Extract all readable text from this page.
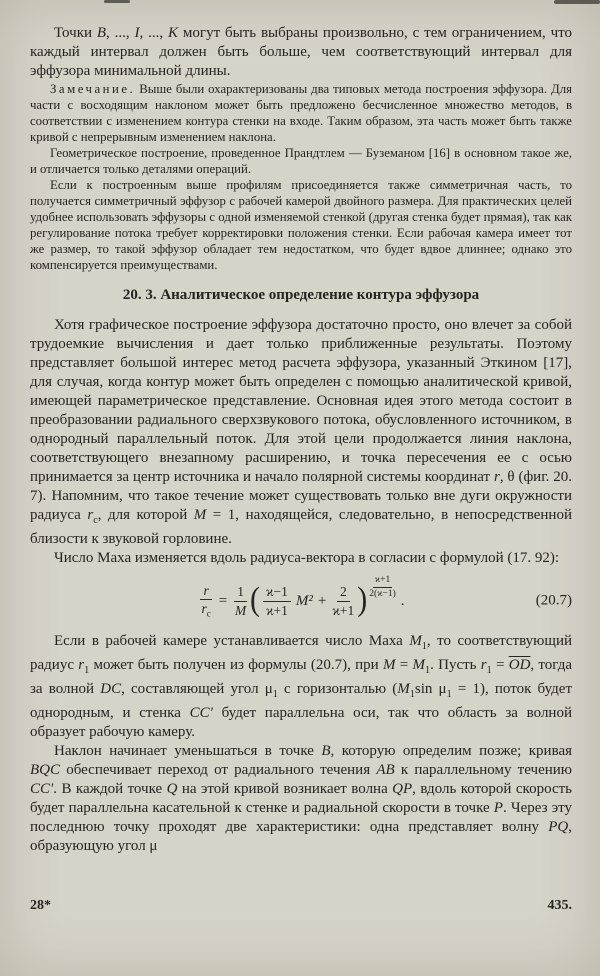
Точки B, ..., I, ..., K могут быть выбраны произвольно, с тем ограничением, что каждый интервал должен быть больше, чем соответствующий интервал для эффузора минимальной длины.

Замечание. Выше были охарактеризованы два типовых метода построения эффузора. Для части с восходящим наклоном может быть предложено бесчисленное множество методов, в соответствии с изменением контура стенки на входе. Таким образом, эта часть может быть также кривой с непрерывным изменением наклона.

Геометрическое построение, проведенное Прандтлем — Буземаном [16] в основном такое же, и отличается только деталями операций.

Если к построенным выше профилям присоединяется также симметричная часть, то получается симметричный эффузор с рабочей камерой двойного размера. Для практических целей удобнее использовать эффузоры с одной изменяемой стенкой (другая стенка будет прямая), так как регулирование потока требует корректировки положения стенки. Если рабочая камера имеет тот же размер, то такой эффузор обладает тем недостатком, что будет вдвое длиннее; однако это компенсируется преимуществами.

20. 3. Аналитическое определение контура эффузора

Хотя графическое построение эффузора достаточно просто, оно влечет за собой трудоемкие вычисления и дает только приближенные результаты. Поэтому представляет большой интерес метод расчета эффузора, указанный Эткином [17], для случая, когда контур может быть определен с помощью аналитической кривой, имеющей параметрическое представление. Основная идея этого метода состоит в преобразовании радиального сверхзвукового потока, обусловленного источником, в однородный параллельный поток. Для этой цели продолжается линия наклона, соответствующего внезапному расширению, и точка пересечения ее с осью принимается за центр источника и начало полярной системы координат r, θ (фиг. 20. 7). Напомним, что такое течение может существовать только вне дуги окружности радиуса $r_c$, для которой M = 1, находящейся, следовательно, в непосредственной близости к звуковой горловине.

Число Маха изменяется вдоль радиуса-вектора в согласии с формулой (17. 92):

$\frac{r}{r_c} = \frac{1}{M}$ ( $\frac{ϰ-1}{ϰ+1} M^2 + \frac{2}{ϰ+1}$ ) $\frac{ϰ+1}{2(ϰ-1)}$
.	(20.7)

Если в рабочей камере устанавливается число Маха $M_1$, то соответствующий радиус $r_1$ может быть получен из формулы (20.7), при $M = M_1$. Пусть $r_1 = \overline{OD}$, тогда за волной DC, составляющей угол $\mu_1$ с горизонталью ($M_1\sin$ $\mu_1 = 1$), поток будет однородным, и стенка CC′ будет параллельна оси, так что область за волной образует рабочую камеру.

Наклон начинает уменьшаться в точке B, которую определим позже; кривая BQC обеспечивает переход от радиального течения AB к параллельному течению CC′. В каждой точке Q на этой кривой возникает волна QP, вдоль которой скорость будет параллельна касательной к стенке и радиальной скорости в точке P. Через эту последнюю точку проходят две характеристики: одна представляет волну PQ, образующую угол μ

28*	435.
